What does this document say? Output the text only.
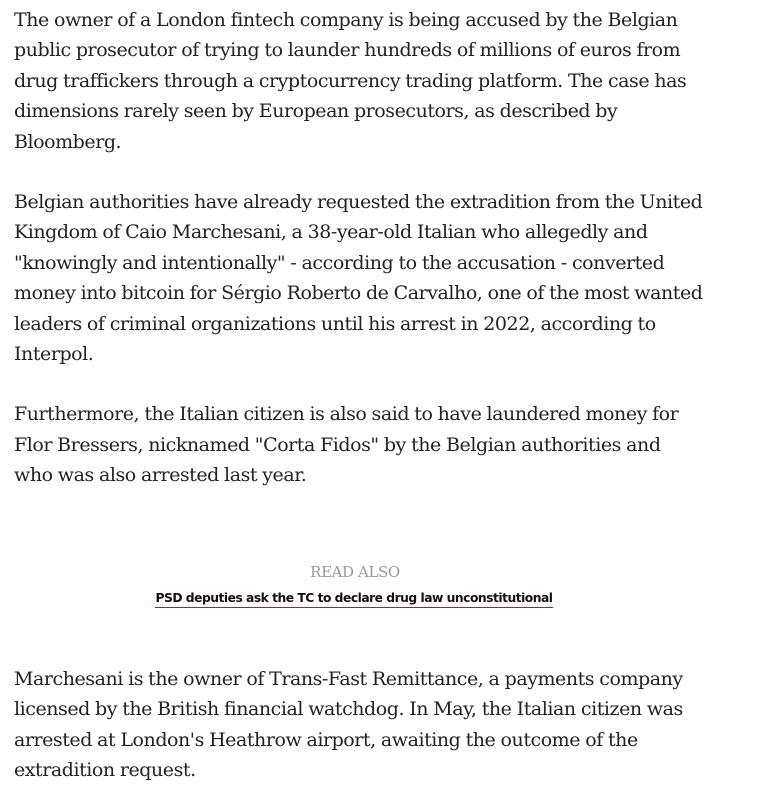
The owner of a London fintech company is being accused by the Belgian public prosecutor of trying to launder hundreds of millions of euros from drug traffickers through a cryptocurrency trading platform. The case has dimensions rarely seen by European prosecutors, as described by Bloomberg.

Belgian authorities have already requested the extradition from the United Kingdom of Caio Marchesani, a 38-year-old Italian who allegedly and "knowingly and intentionally" - according to the accusation - converted money into bitcoin for Sérgio Roberto de Carvalho, one of the most wanted leaders of criminal organizations until his arrest in 2022, according to Interpol.

Furthermore, the Italian citizen is also said to have laundered money for Flor Bressers, nicknamed "Corta Fidos" by the Belgian authorities and who was also arrested last year.

READ ALSO
PSD deputies ask the TC to declare drug law unconstitutional

Marchesani is the owner of Trans-Fast Remittance, a payments company licensed by the British financial watchdog. In May, the Italian citizen was arrested at London's Heathrow airport, awaiting the outcome of the extradition request.
